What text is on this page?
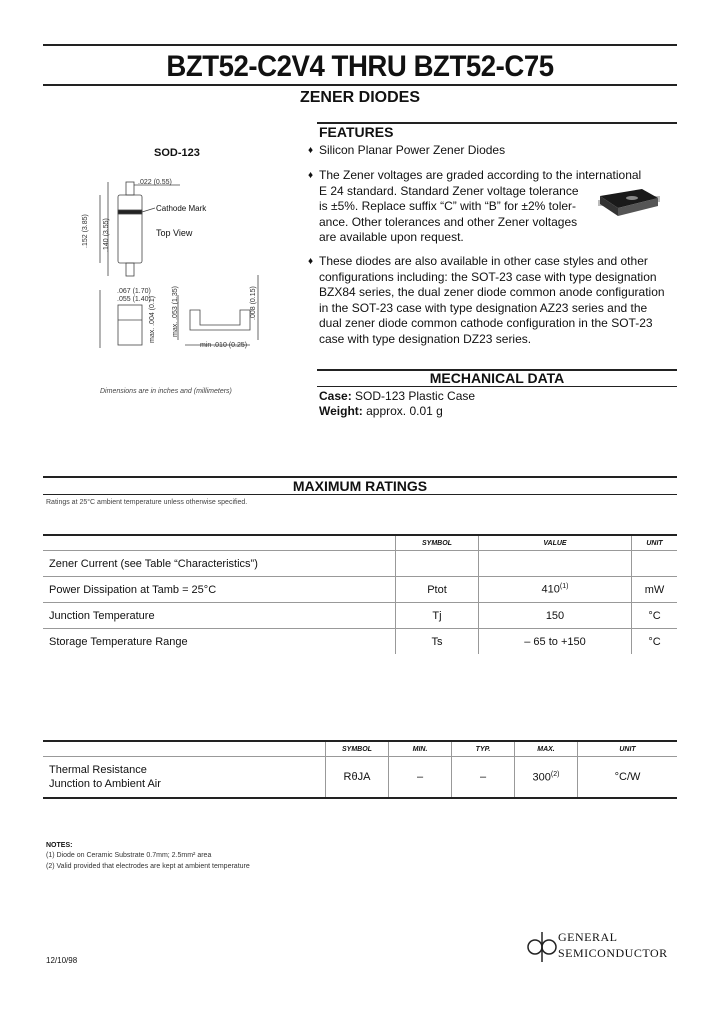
BZT52-C2V4 THRU BZT52-C75
ZENER DIODES
SOD-123
.022 (0.55)
Cathode Mark
Top View
.152 (3.85) .140 (3.55)
.067 (1.70)
.055 (1.40)
max. .004 (0.1) max. .053 (1.35)
min .010 (0.25)
.008 (0.15)
Dimensions are in inches and (millimeters)
FEATURES
♦ Silicon Planar Power Zener Diodes
♦ The Zener voltages are graded according to the international
E 24 standard. Standard Zener voltage tolerance
is ±5%. Replace suffix “C” with “B” for ±2% toler-
ance. Other tolerances and other Zener voltages
are available upon request.
♦ These diodes are also available in other case styles and other
configurations including: the SOT-23 case with type designation
BZX84 series, the dual zener diode common anode configuration
in the SOT-23 case with type designation AZ23 series and the
dual zener diode common cathode configuration in the SOT-23
case with type designation DZ23 series.
MECHANICAL DATA
Case: SOD-123 Plastic Case
Weight: approx. 0.01 g
MAXIMUM RATINGS
Ratings at 25°C ambient temperature unless otherwise specified.
	SYMBOL	VALUE	UNIT
Zener Current (see Table “Characteristics”)			
Power Dissipation at Tamb = 25°C	Ptot	410$^{(1)}$	mW
Junction Temperature	Tj	150	°C
Storage Temperature Range	Ts	– 65 to +150	°C
	SYMBOL	MIN.	TYP.	MAX.	UNIT

Thermal Resistance
Junction to Ambient Air	RθJA	–	–	300$^{(2)}$	°C/W
NOTES:
(1) Diode on Ceramic Substrate 0.7mm; 2.5mm² area
(2) Valid provided that electrodes are kept at ambient temperature
12/10/98
GENERAL
SEMICONDUCTOR
